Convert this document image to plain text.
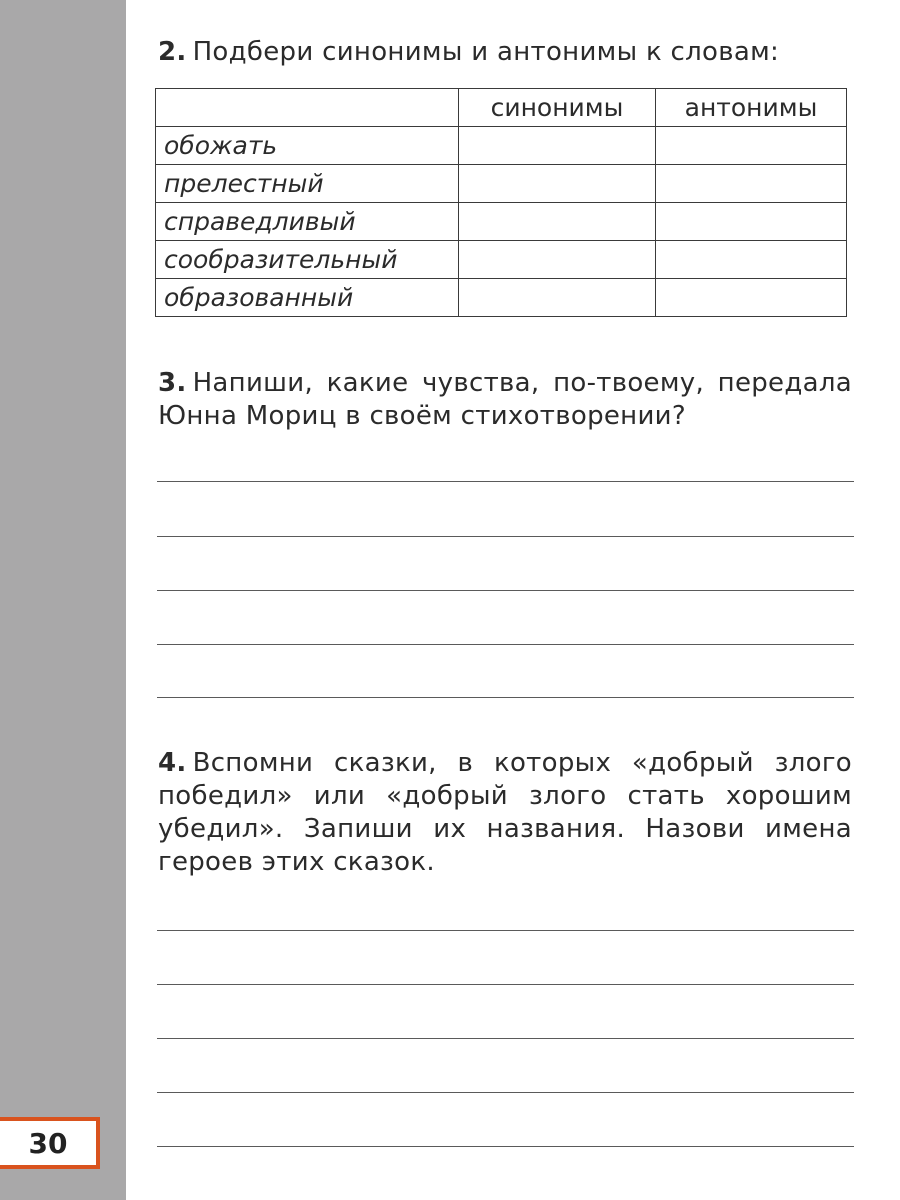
30
2. Подбери синонимы и антонимы к словам:
	синонимы	антонимы
обожать		
прелестный		
справедливый		
сообразительный		
образованный		
3. Напиши, какие чувства, по-твоему, передала Юнна Мориц в своём стихотворении?
4. Вспомни сказки, в которых «добрый злого победил» или «добрый злого стать хорошим убедил». Запиши их названия. Назови имена героев этих сказок.
